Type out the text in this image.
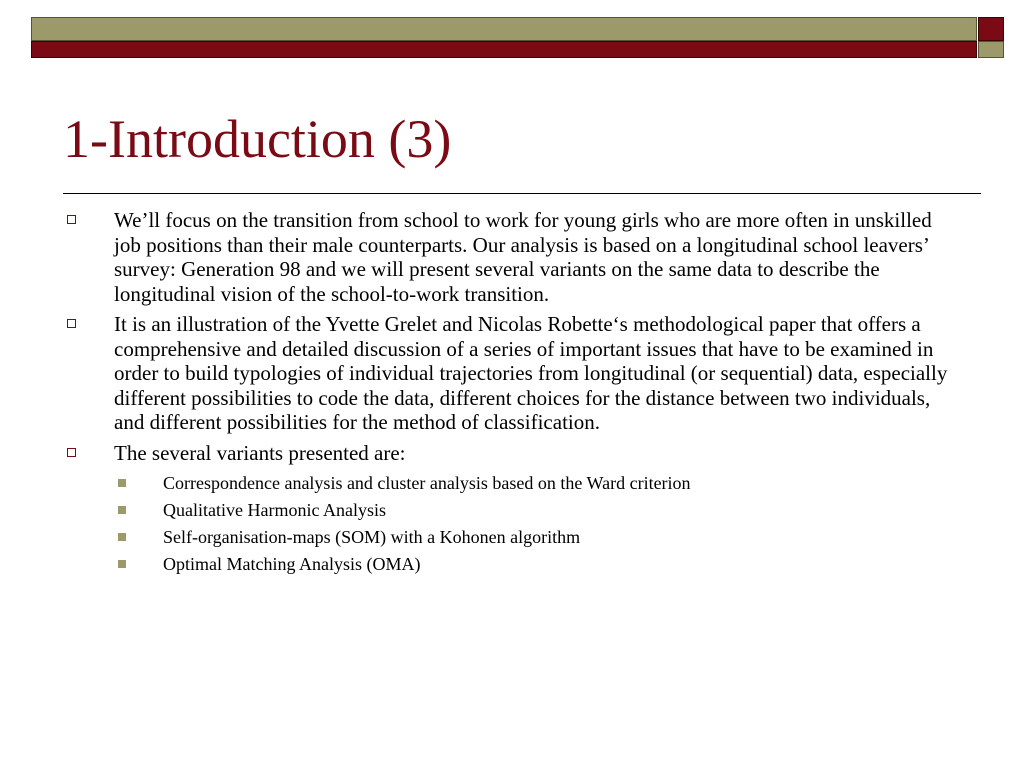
1-Introduction (3)
We’ll focus on the transition from school to work for young girls who are more often in unskilled job positions than their male counterparts. Our analysis is based on a longitudinal school leavers’ survey: Generation 98 and we will present several variants on the same data to describe the longitudinal vision of the school-to-work transition.
It is an illustration of the Yvette Grelet and Nicolas Robette‘s methodological paper that offers a comprehensive and detailed discussion of a series of important issues that have to be examined in order to build typologies of individual trajectories from longitudinal (or sequential) data, especially different possibilities to code the data, different choices for the distance between two individuals, and different possibilities for the method of classification.
The several variants presented are:
Correspondence analysis and cluster analysis based on the Ward criterion
Qualitative Harmonic Analysis
Self-organisation-maps (SOM) with a Kohonen algorithm
Optimal Matching Analysis (OMA)
